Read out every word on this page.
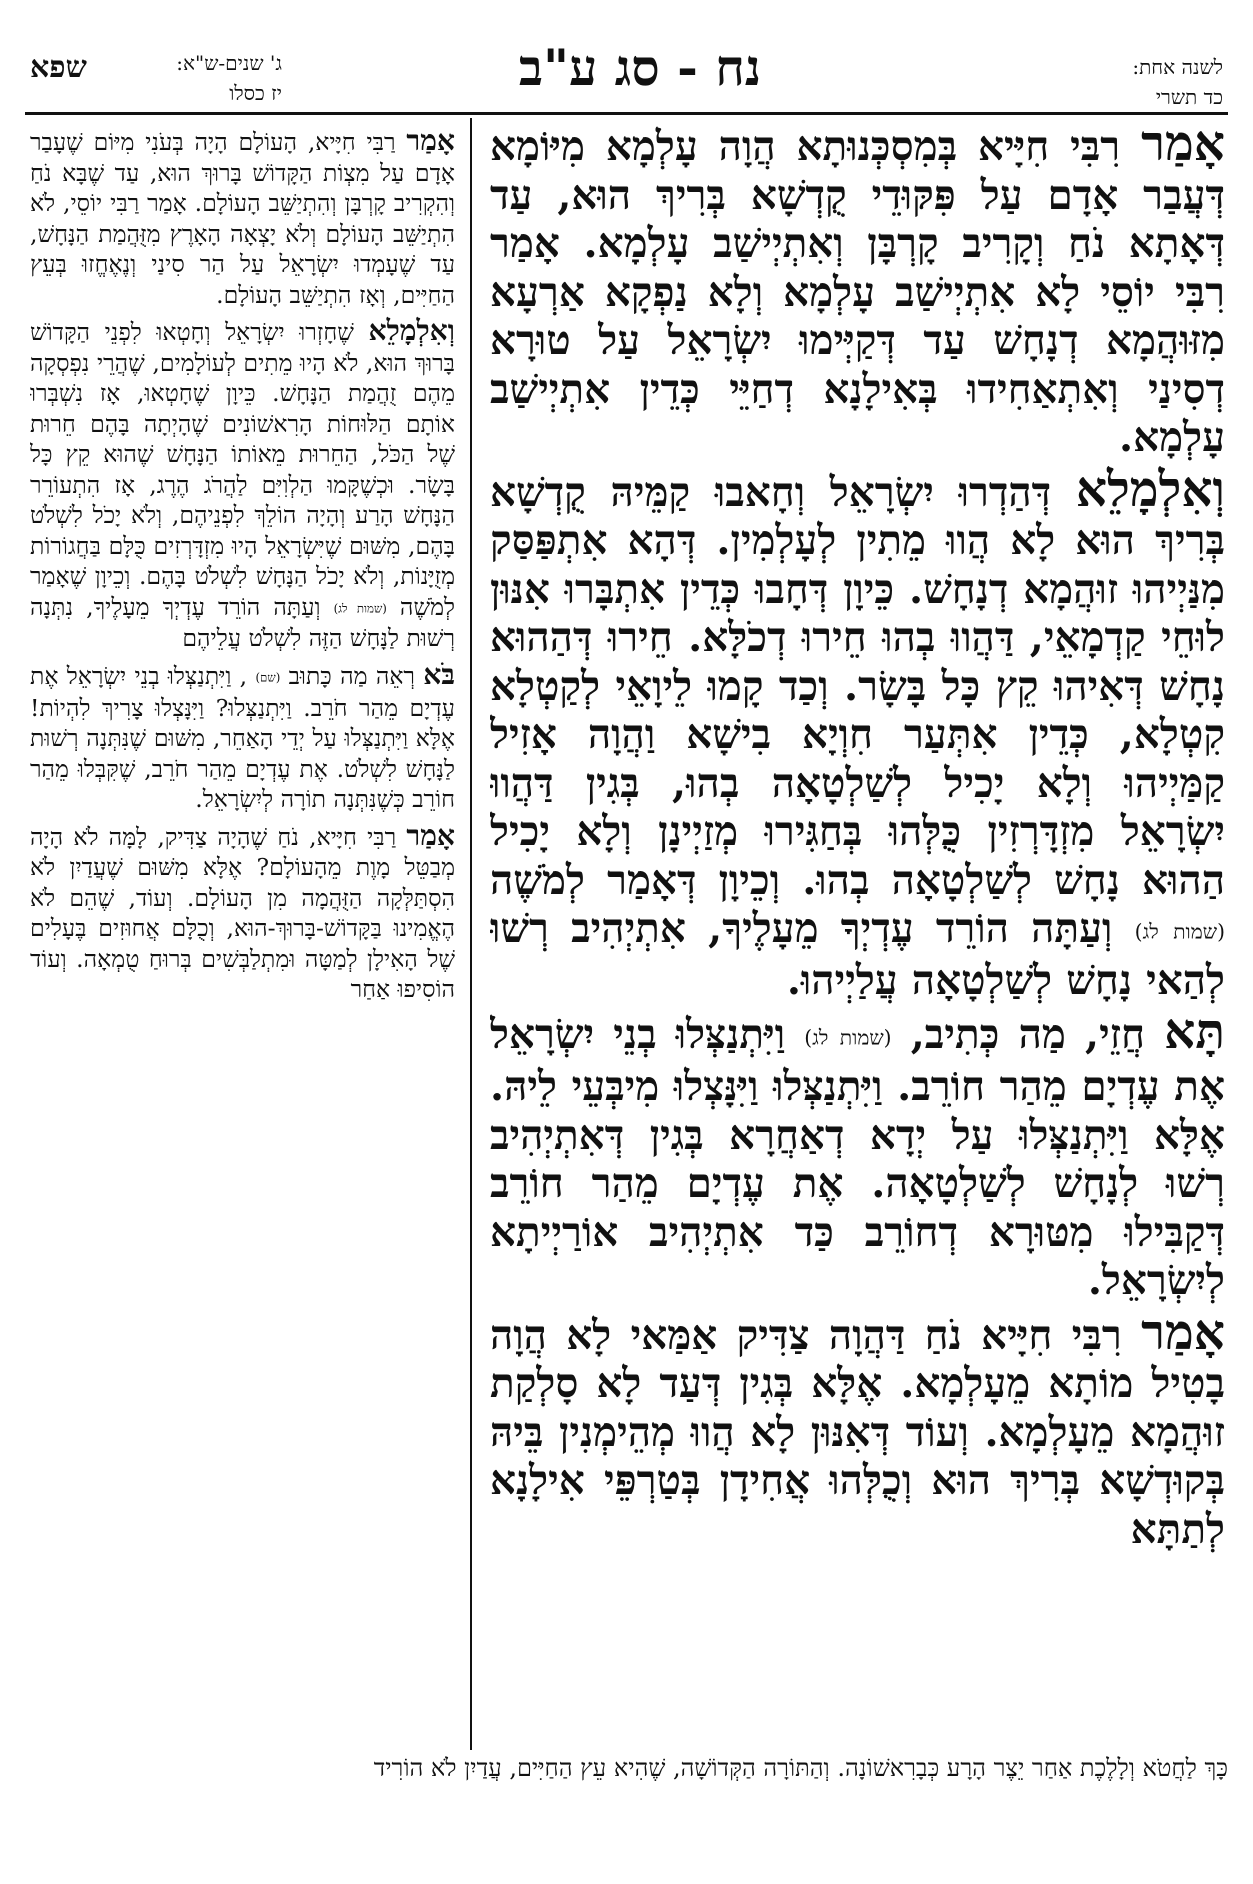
שפא	ג' שנים-ש"א:
יז כסלו	נח - סג ע"ב	לשנה אחת:
כד תשרי

אָמַר רִבִּי חִיָּיא בְּמִסְכְּנוּתָא הֲוָה עָלְמָא מִיּוֹמָא דְּעֲבַר אָדָם עַל פִּקּוּדֵי קֻדְשָׁא בְּרִיךְ הוּא, עַד דְּאָתָא נֹחַ וְקָרִיב קָרְבָּן וְאִתְיְישַׁב עָלְמָא. אָמַר רִבִּי יוֹסֵי לָא אִתְיְישַׁב עָלְמָא וְלָא נַפְקָא אַרְעָא מִזּוּהֲמָא דְנָחָשׁ עַד דְּקַיְּימוּ יִשְׂרָאֵל עַל טוּרָא דְסִינַי וְאִתְאַחִידוּ בְּאִילָנָא דְחַיֵּי כְּדֵין אִתְיְישַׁב עָלְמָא.

וְאִלְמָלֵא דְּהַדְרוּ יִשְׂרָאֵל וְחָאבוּ קַמֵּיהּ קֻדְשָׁא בְּרִיךְ הוּא לָא הֲווּ מֵתִין לְעָלְמִין. דְּהָא אִתְפַּסַּק מִנַּיְיהוּ זוּהֲמָא דְנָחָשׁ. כֵּיוָן דְּחָבוּ כְּדֵין אִתְבָּרוּ אִנּוּן לוּחֵי קַדְמָאֵי, דַּהֲווּ בְהוּ חֵירוּ דְכֹלָּא. חֵירוּ דְּהַהוּא נָחָשׁ דְּאִיהוּ קֵץ כָּל בָּשָׂר. וְכַד קָמוּ לֵיוָאֵי לְקַטְלָא קִטְלָא, כְּדֵין אִתְּעַר חִוְיָא בִישָׁא וַהֲוָה אָזִיל קַמַּיְיהוּ וְלָא יָכִיל לְשַׁלְטָאָה בְהוּ, בְּגִין דַּהֲווּ יִשְׂרָאֵל מִזְדָּרְזִין כֻּלְּהוּ בְּחַגִּירוּ מְזַיְינָן וְלָא יָכִיל הַהוּא נָחָשׁ לְשַׁלְטָאָה בְהוּ. וְכֵיוָן דְּאָמַר לְמֹשֶׁה (שמות לג) וְעַתָּה הוֹרֵד עֶדְיְךָ מֵעָלֶיךָ, אִתְיְהִיב רְשׁוּ לְהַאי נָחָשׁ לְשַׁלְטָאָה עֲלַיְיהוּ.

תָּא חֲזֵי, מַה כְּתִיב, (שמות לג) וַיִּתְנַצְּלוּ בְנֵי יִשְׂרָאֵל אֶת עֶדְיָם מֵהַר חוֹרֵב. וַיִּתְנַצְּלוּ וַיִּנָּצְלוּ מִיבְּעֵי לֵיהּ. אֶלָּא וַיִּתְנַצְּלוּ עַל יְדָא דְאַחֲרָא בְּגִין דְּאִתְיְהִיב רְשׁוּ לְנָחָשׁ לְשַׁלְטָאָה. אֶת עֶדְיָם מֵהַר חוֹרֵב דְּקַבִּילוּ מִטּוּרָא דְחוֹרֵב כַּד אִתְיְהִיב אוֹרַיְיתָא לְיִשְׂרָאֵל.

אָמַר רִבִּי חִיָּיא נֹחַ דַּהֲוָה צַדִּיק אַמַּאי לָא הֲוָה בָטִיל מוֹתָא מֵעָלְמָא. אֶלָּא בְּגִין דְּעַד לָא סָלְקַת זוּהֲמָא מֵעָלְמָא. וְעוֹד דְּאִנּוּן לָא הֲווּ מְהֵימְנִין בֵּיהּ בְּקוּדְשָׁא בְּרִיךְ הוּא וְכֻלְּהוּ אֲחִידָן בְּטַרְפֵּי אִילָנָא לְתַתָּא

אָמַר רַבִּי חִיָּיא, הָעוֹלָם הָיָה בְּעֹנִי מִיּוֹם שֶׁעָבַר אָדָם עַל מִצְוֹת הַקָּדוֹשׁ בָּרוּךְ הוּא, עַד שֶׁבָּא נֹחַ וְהִקְרִיב קָרְבָּן וְהִתְיַשֵּׁב הָעוֹלָם. אָמַר רַבִּי יוֹסֵי, לֹא הִתְיַשֵּׁב הָעוֹלָם וְלֹא יָצְאָה הָאָרֶץ מִזֻּהֲמַת הַנָּחָשׁ, עַד שֶׁעָמְדוּ יִשְׂרָאֵל עַל הַר סִינַי וְנֶאֶחֱזוּ בְּעֵץ הַחַיִּים, וְאָז הִתְיַשֵּׁב הָעוֹלָם.

וְאִלְמָלֵא שֶׁחָזְרוּ יִשְׂרָאֵל וְחָטְאוּ לִפְנֵי הַקָּדוֹשׁ בָּרוּךְ הוּא, לֹא הָיוּ מֵתִים לְעוֹלָמִים, שֶׁהֲרֵי נִפְסְקָה מֵהֶם זֻהֲמַת הַנָּחָשׁ. כֵּיוָן שֶׁחָטְאוּ, אָז נִשְׁבְּרוּ אוֹתָם הַלּוּחוֹת הָרִאשׁוֹנִים שֶׁהָיְתָה בָּהֶם חֵרוּת שֶׁל הַכֹּל, הַחֵרוּת מֵאוֹתוֹ הַנָּחָשׁ שֶׁהוּא קֵץ כָּל בָּשָׂר. וּכְשֶׁקָּמוּ הַלְוִיִּם לַהֲרֹג הֶרֶג, אָז הִתְעוֹרֵר הַנָּחָשׁ הָרַע וְהָיָה הוֹלֵךְ לִפְנֵיהֶם, וְלֹא יָכֹל לִשְׁלֹט בָּהֶם, מִשּׁוּם שֶׁיִּשְׂרָאֵל הָיוּ מִזְדָּרְזִים כֻּלָּם בַּחֲגוֹרוֹת מְזֻיָּנוֹת, וְלֹא יָכֹל הַנָּחָשׁ לִשְׁלֹט בָּהֶם. וְכֵיוָן שֶׁאָמַר לְמֹשֶׁה (שמות לג) וְעַתָּה הוֹרֵד עֶדְיְךָ מֵעָלֶיךָ, נִתְּנָה רְשׁוּת לַנָּחָשׁ הַזֶּה לִשְׁלֹט עֲלֵיהֶם

בֹּא רְאֵה מַה כָּתוּב (שם) , וַיִּתְנַצְּלוּ בְנֵי יִשְׂרָאֵל אֶת עֶדְיָם מֵהַר חֹרֵב. וַיִּתְנַצְּלוּ? וַיִּנָּצְלוּ צָרִיךְ לִהְיוֹת! אֶלָּא וַיִּתְנַצְּלוּ עַל יְדֵי הָאַחֵר, מִשּׁוּם שֶׁנִּתְּנָה רְשׁוּת לַנָּחָשׁ לִשְׁלֹט. אֶת עֶדְיָם מֵהַר חֹרֵב, שֶׁקִּבְּלוּ מֵהַר חוֹרֵב כְּשֶׁנִּתְּנָה תוֹרָה לְיִשְׂרָאֵל.

אָמַר רַבִּי חִיָּיא, נֹחַ שֶׁהָיָה צַדִּיק, לָמָּה לֹא הָיָה מְבַטֵּל מָוֶת מֵהָעוֹלָם? אֶלָּא מִשּׁוּם שֶׁעֲדַיִן לֹא הִסְתַּלְּקָה הַזֻּהֲמָה מִן הָעוֹלָם. וְעוֹד, שֶׁהֵם לֹא הֶאֱמִינוּ בַּקָּדוֹשׁ-בָּרוּךְ-הוּא, וְכֻלָּם אֲחוּזִים בֶּעָלִים שֶׁל הָאִילָן לְמַטָּה וּמִתְלַבְּשִׁים בְּרוּחַ טֻמְאָה. וְעוֹד הוֹסִיפוּ אַחַר

כָּךְ לַחֲטֹא וְלָלֶכֶת אַחַר יֵצֶר הָרָע כְּבָרִאשׁוֹנָה. וְהַתּוֹרָה הַקְּדוֹשָׁה, שֶׁהִיא עֵץ הַחַיִּים, עֲדַיִן לֹא הוֹרִיד
